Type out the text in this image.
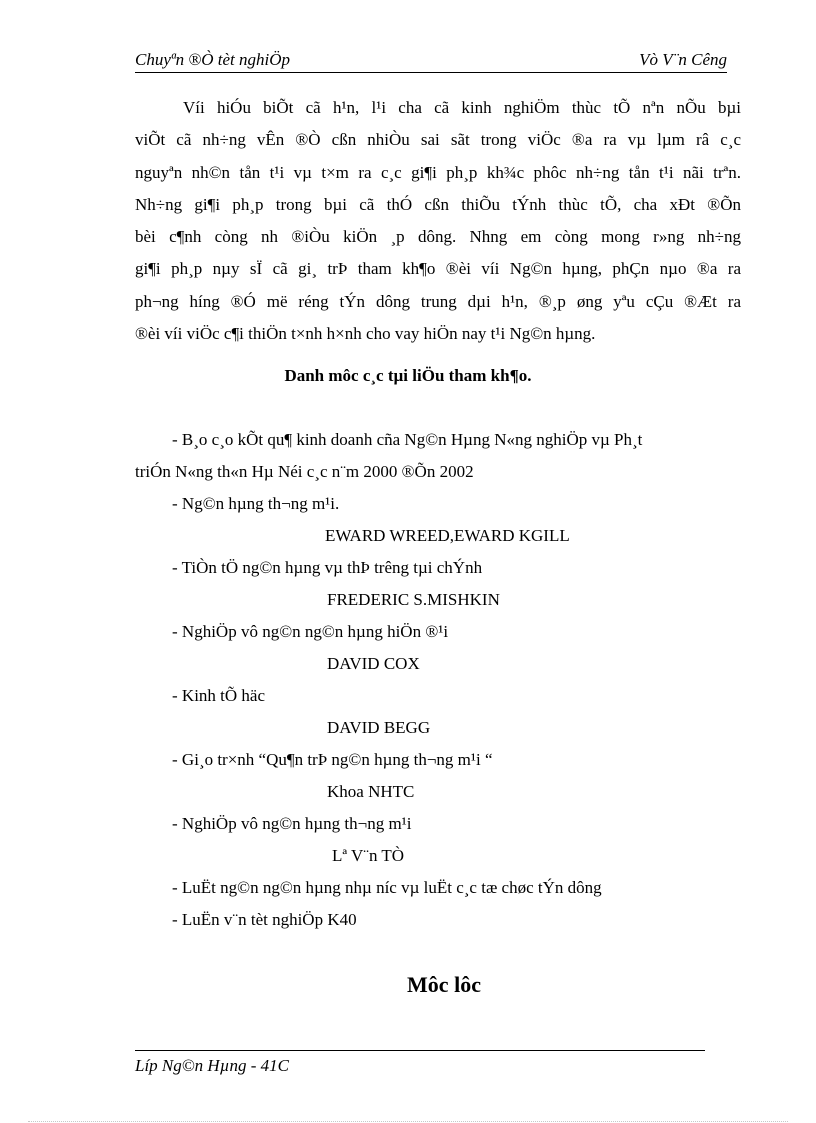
Chuyªn ®Ò tèt nghiÖp	Vò V¨n Cêng
Víi hiÓu biÕt cã h¹n, l¹i cha cã kinh nghiÖm thùc tÕ nªn nÕu bµi
viÕt cã nh÷ng vÊn ®Ò cßn nhiÒu sai sãt trong viÖc ®a ra vµ lµm râ c¸c
nguyªn nh©n tån t¹i vµ t×m ra c¸c gi¶i ph¸p kh¾c phôc nh÷ng tån t¹i nãi trªn.
Nh÷ng gi¶i ph¸p trong bµi cã thÓ cßn thiÕu tÝnh thùc tÕ, cha xÐt ®Õn
bèi c¶nh còng nh ®iÒu kiÖn ¸p dông. Nhng em còng mong r»ng nh÷ng
gi¶i ph¸p nµy sÏ cã gi¸ trÞ tham kh¶o ®èi víi Ng©n hµng, phÇn nµo ®a ra
ph¬ng híng ®Ó më réng tÝn dông trung dµi h¹n, ®¸p øng yªu cÇu ®Æt ra
®èi víi viÖc c¶i thiÖn t×nh h×nh cho vay hiÖn nay t¹i Ng©n hµng.
Danh môc c¸c tµi liÖu tham kh¶o.
- B¸o c¸o kÕt qu¶ kinh doanh cña Ng©n Hµng N«ng nghiÖp vµ Ph¸t
triÓn N«ng th«n Hµ Néi c¸c n¨m 2000 ®Õn 2002
- Ng©n hµng th¬ng m¹i.
EWARD WREED,EWARD KGILL
- TiÒn tÖ ng©n hµng vµ thÞ trêng tµi chÝnh
FREDERIC S.MISHKIN
- NghiÖp vô ng©n ng©n hµng hiÖn ®¹i
DAVID COX
- Kinh tÕ häc
DAVID BEGG
- Gi¸o tr×nh “Qu¶n trÞ ng©n hµng th¬ng m¹i “
Khoa NHTC
- NghiÖp vô ng©n hµng th¬ng m¹i
Lª V¨n TÒ
- LuËt ng©n ng©n hµng nhµ níc vµ luËt c¸c tæ chøc tÝn dông
- LuËn v¨n tèt nghiÖp K40
Môc lôc
Líp Ng©n Hµng - 41C
